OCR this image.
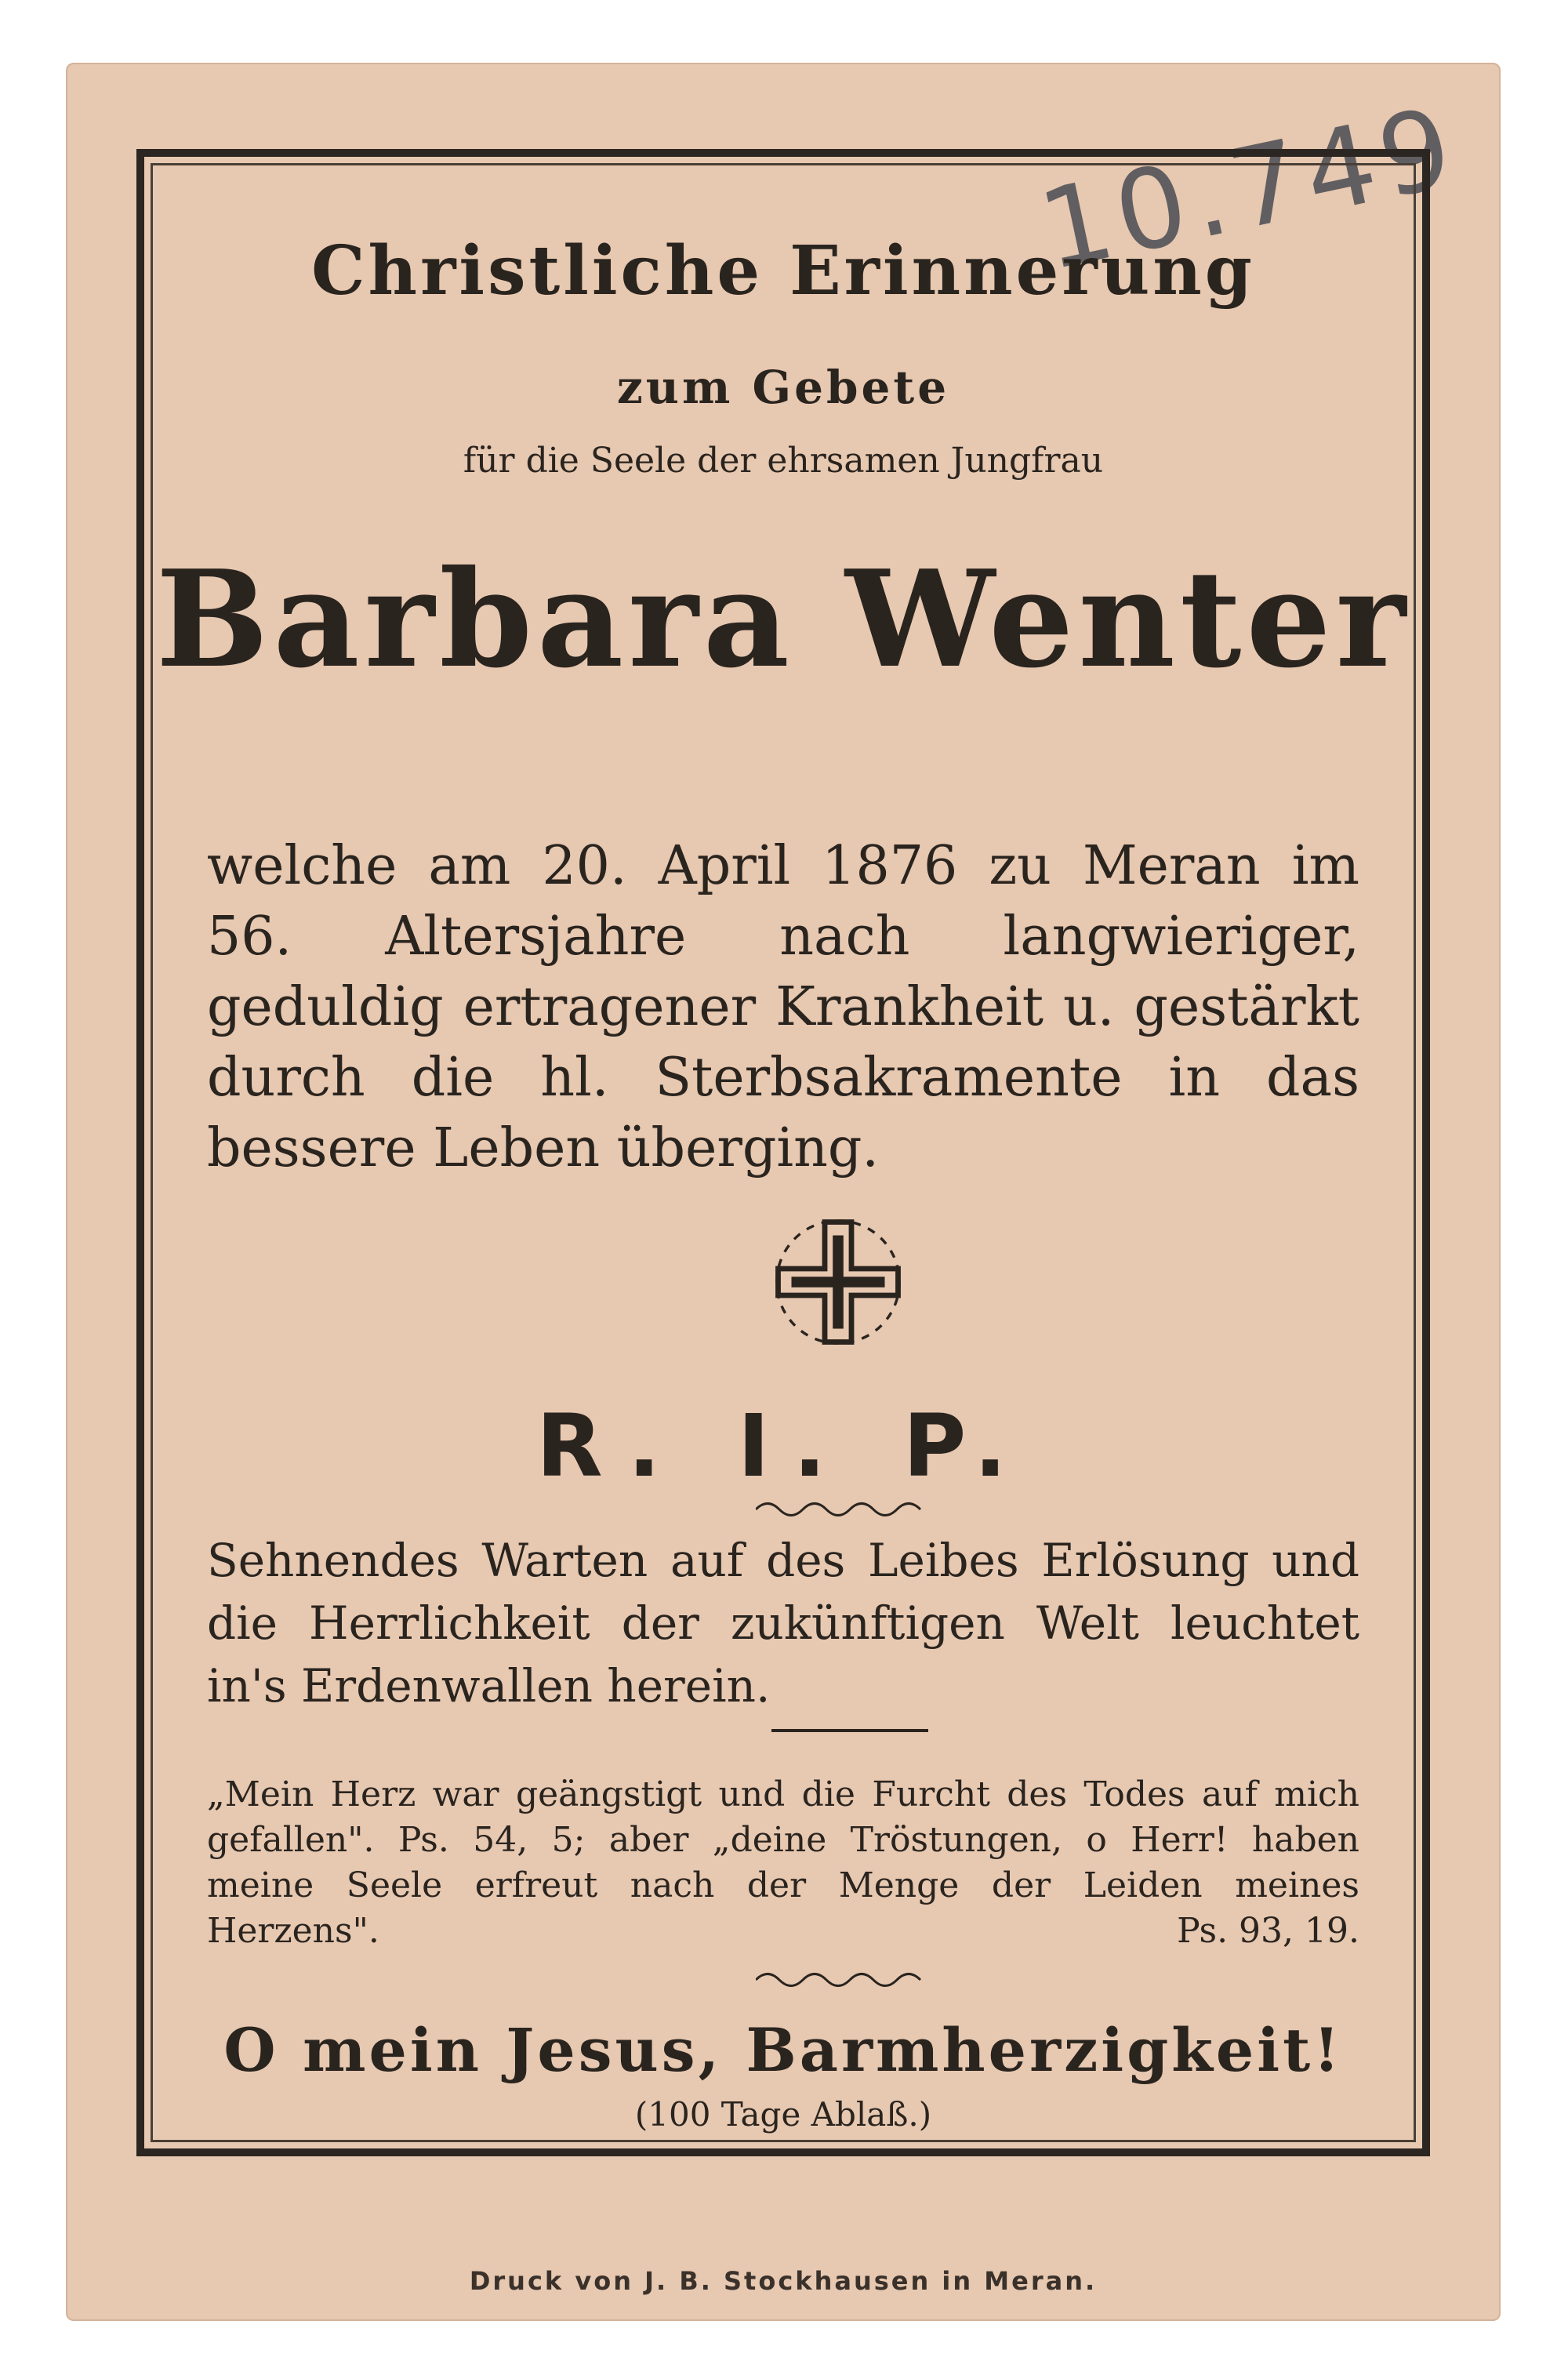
10.749
Christliche Erinnerung
zum Gebete
für die Seele der ehrsamen Jungfrau
Barbara Wenter

welche am 20. April 1876 zu Meran im 56. Altersjahre nach langwieriger, geduldig ertragener Krankheit u. gestärkt durch die hl. Sterbsakramente in das bessere Leben überging.

R. I. P.
Sehnendes Warten auf des Leibes Erlösung und die Herrlichkeit der zukünftigen Welt leuchtet in's Erdenwallen herein.
„Mein Herz war geängstigt und die Furcht des Todes auf mich gefallen". Ps. 54, 5; aber „deine Tröstungen, o Herr! haben meine Seele erfreut nach der Menge der Leiden meines Herzens".	Ps. 93, 19.
O mein Jesus, Barmherzigkeit!
(100 Tage Ablaß.)
Druck von J. B. Stockhausen in Meran.
